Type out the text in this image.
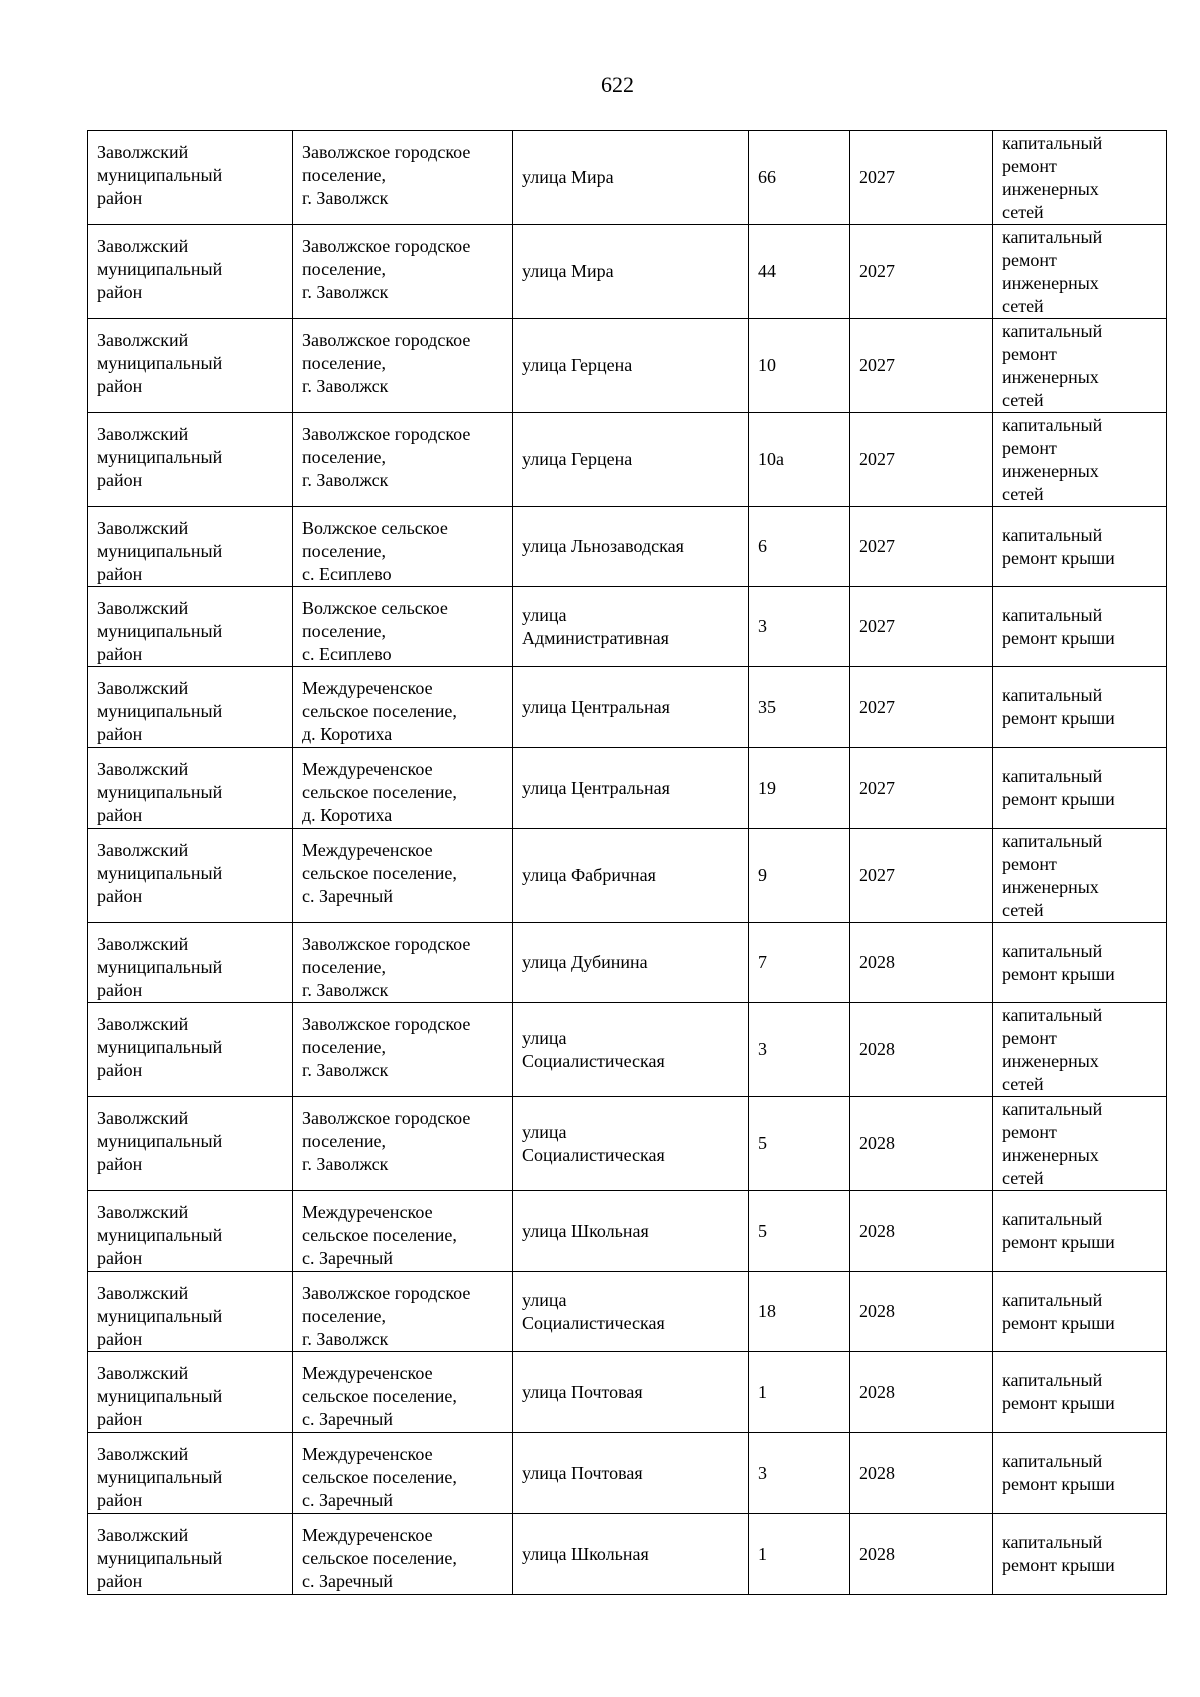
622
Заволжский
муниципальный
район	Заволжское городское
поселение,
г. Заволжск	улица Мира	66	2027	капитальный
ремонт
инженерных
сетей
Заволжский
муниципальный
район	Заволжское городское
поселение,
г. Заволжск	улица Мира	44	2027	капитальный
ремонт
инженерных
сетей
Заволжский
муниципальный
район	Заволжское городское
поселение,
г. Заволжск	улица Герцена	10	2027	капитальный
ремонт
инженерных
сетей
Заволжский
муниципальный
район	Заволжское городское
поселение,
г. Заволжск	улица Герцена	10а	2027	капитальный
ремонт
инженерных
сетей
Заволжский
муниципальный
район	Волжское сельское
поселение,
с. Есиплево	улица Льнозаводская	6	2027	капитальный
ремонт крыши
Заволжский
муниципальный
район	Волжское сельское
поселение,
с. Есиплево	улица
Административная	3	2027	капитальный
ремонт крыши
Заволжский
муниципальный
район	Междуреченское
сельское поселение,
д. Коротиха	улица Центральная	35	2027	капитальный
ремонт крыши
Заволжский
муниципальный
район	Междуреченское
сельское поселение,
д. Коротиха	улица Центральная	19	2027	капитальный
ремонт крыши
Заволжский
муниципальный
район	Междуреченское
сельское поселение,
с. Заречный	улица Фабричная	9	2027	капитальный
ремонт
инженерных
сетей
Заволжский
муниципальный
район	Заволжское городское
поселение,
г. Заволжск	улица Дубинина	7	2028	капитальный
ремонт крыши
Заволжский
муниципальный
район	Заволжское городское
поселение,
г. Заволжск	улица
Социалистическая	3	2028	капитальный
ремонт
инженерных
сетей
Заволжский
муниципальный
район	Заволжское городское
поселение,
г. Заволжск	улица
Социалистическая	5	2028	капитальный
ремонт
инженерных
сетей
Заволжский
муниципальный
район	Междуреченское
сельское поселение,
с. Заречный	улица Школьная	5	2028	капитальный
ремонт крыши
Заволжский
муниципальный
район	Заволжское городское
поселение,
г. Заволжск	улица
Социалистическая	18	2028	капитальный
ремонт крыши
Заволжский
муниципальный
район	Междуреченское
сельское поселение,
с. Заречный	улица Почтовая	1	2028	капитальный
ремонт крыши
Заволжский
муниципальный
район	Междуреченское
сельское поселение,
с. Заречный	улица Почтовая	3	2028	капитальный
ремонт крыши
Заволжский
муниципальный
район	Междуреченское
сельское поселение,
с. Заречный	улица Школьная	1	2028	капитальный
ремонт крыши
